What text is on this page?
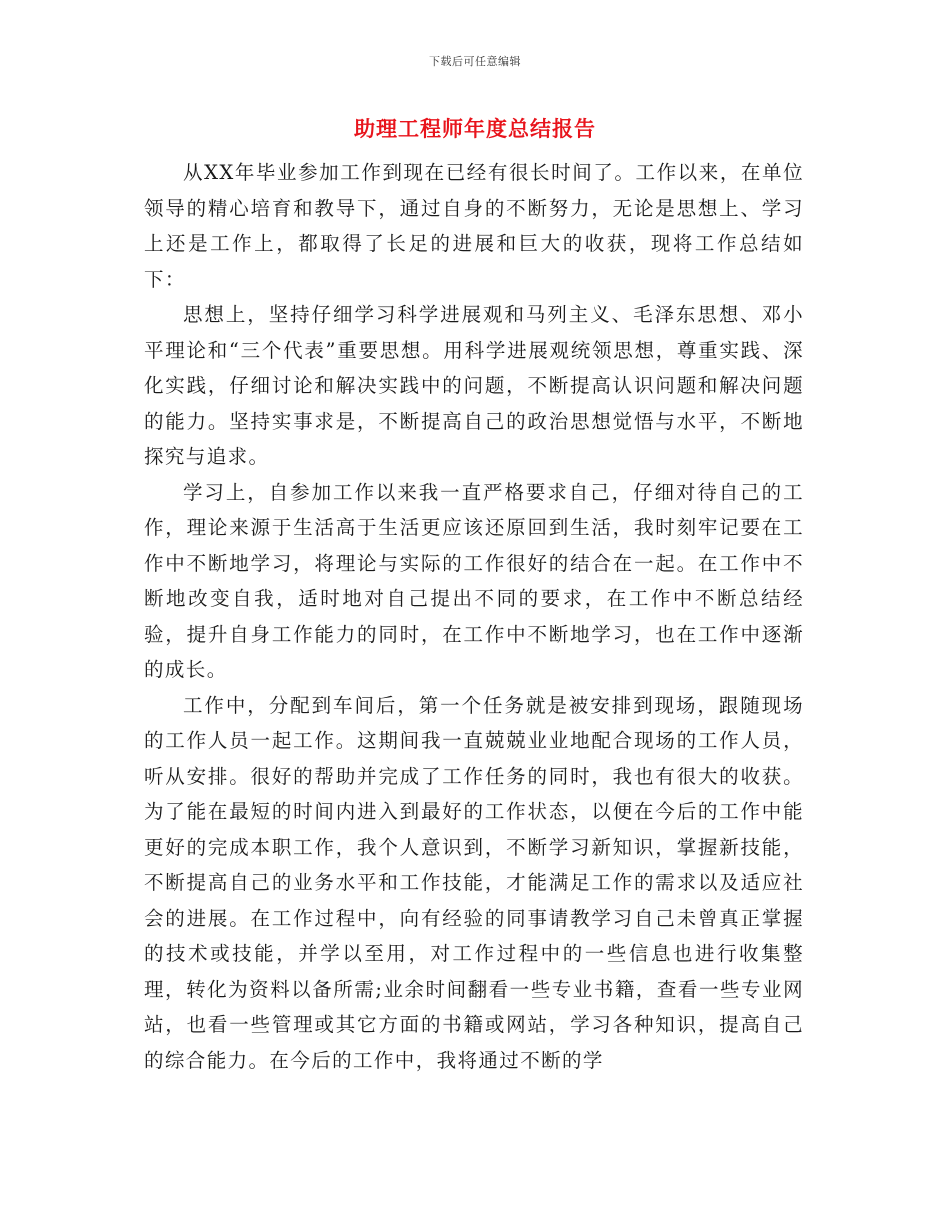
下载后可任意编辑
助理工程师年度总结报告

从XX年毕业参加工作到现在已经有很长时间了。工作以来，在单位领导的精心培育和教导下，通过自身的不断努力，无论是思想上、学习上还是工作上，都取得了长足的进展和巨大的收获，现将工作总结如下：

思想上，坚持仔细学习科学进展观和马列主义、毛泽东思想、邓小平理论和“三个代表”重要思想。用科学进展观统领思想，尊重实践、深化实践，仔细讨论和解决实践中的问题，不断提高认识问题和解决问题的能力。坚持实事求是，不断提高自己的政治思想觉悟与水平，不断地探究与追求。

学习上，自参加工作以来我一直严格要求自己，仔细对待自己的工作，理论来源于生活高于生活更应该还原回到生活，我时刻牢记要在工作中不断地学习，将理论与实际的工作很好的结合在一起。在工作中不断地改变自我，适时地对自己提出不同的要求，在工作中不断总结经验，提升自身工作能力的同时，在工作中不断地学习，也在工作中逐渐的成长。

工作中，分配到车间后，第一个任务就是被安排到现场，跟随现场的工作人员一起工作。这期间我一直兢兢业业地配合现场的工作人员，听从安排。很好的帮助并完成了工作任务的同时，我也有很大的收获。为了能在最短的时间内进入到最好的工作状态，以便在今后的工作中能更好的完成本职工作，我个人意识到，不断学习新知识，掌握新技能，不断提高自己的业务水平和工作技能，才能满足工作的需求以及适应社会的进展。在工作过程中，向有经验的同事请教学习自己未曾真正掌握的技术或技能，并学以至用，对工作过程中的一些信息也进行收集整理，转化为资料以备所需;业余时间翻看一些专业书籍，查看一些专业网站，也看一些管理或其它方面的书籍或网站，学习各种知识，提高自己的综合能力。在今后的工作中，我将通过不断的学
